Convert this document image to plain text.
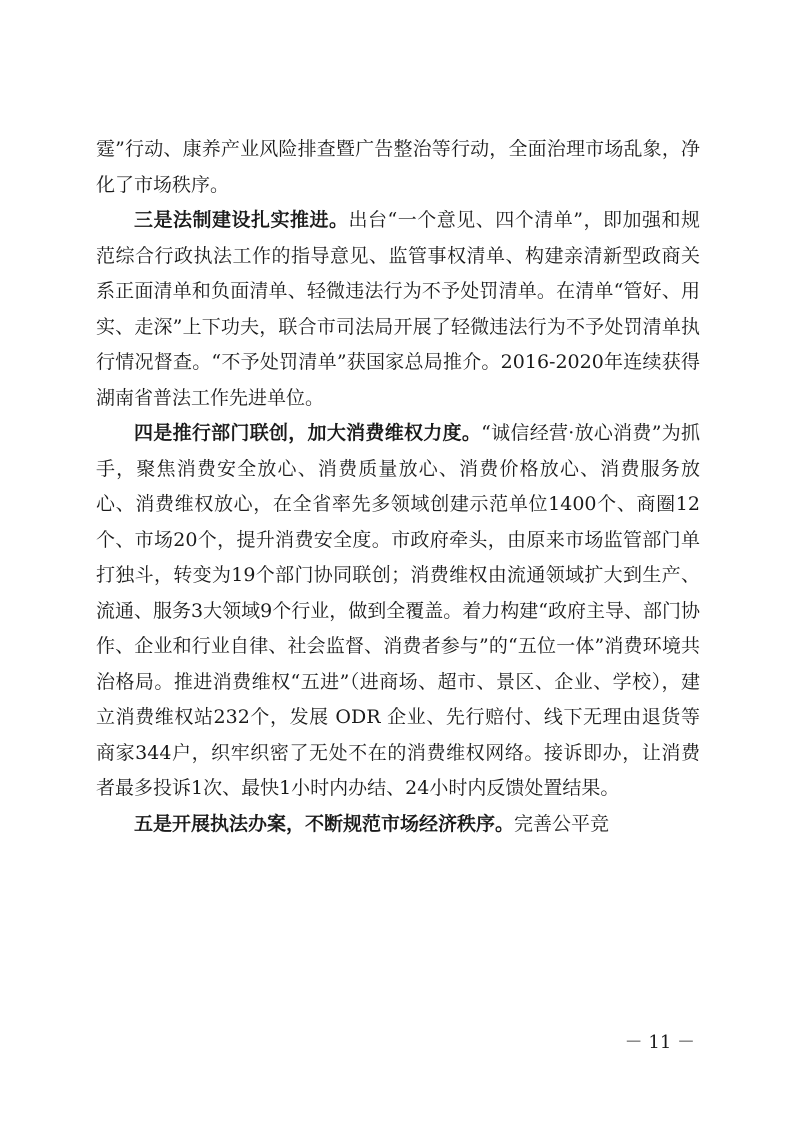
霆”行动、康养产业风险排查暨广告整治等行动，全面治理市场乱象，净化了市场秩序。

三是法制建设扎实推进。出台“一个意见、四个清单”，即加强和规范综合行政执法工作的指导意见、监管事权清单、构建亲清新型政商关系正面清单和负面清单、轻微违法行为不予处罚清单。在清单“管好、用实、走深”上下功夫，联合市司法局开展了轻微违法行为不予处罚清单执行情况督查。“不予处罚清单”获国家总局推介。2016-2020年连续获得湖南省普法工作先进单位。

四是推行部门联创，加大消费维权力度。“诚信经营·放心消费”为抓手，聚焦消费安全放心、消费质量放心、消费价格放心、消费服务放心、消费维权放心，在全省率先多领域创建示范单位1400个、商圈12个、市场20个，提升消费安全度。市政府牵头，由原来市场监管部门单打独斗，转变为19个部门协同联创；消费维权由流通领域扩大到生产、流通、服务3大领域9个行业，做到全覆盖。着力构建“政府主导、部门协作、企业和行业自律、社会监督、消费者参与”的“五位一体”消费环境共治格局。推进消费维权“五进”（进商场、超市、景区、企业、学校），建立消费维权站232个，发展 ODR 企业、先行赔付、线下无理由退货等商家344户，织牢织密了无处不在的消费维权网络。接诉即办，让消费者最多投诉1次、最快1小时内办结、24小时内反馈处置结果。

五是开展执法办案，不断规范市场经济秩序。完善公平竞

－ 11 －
